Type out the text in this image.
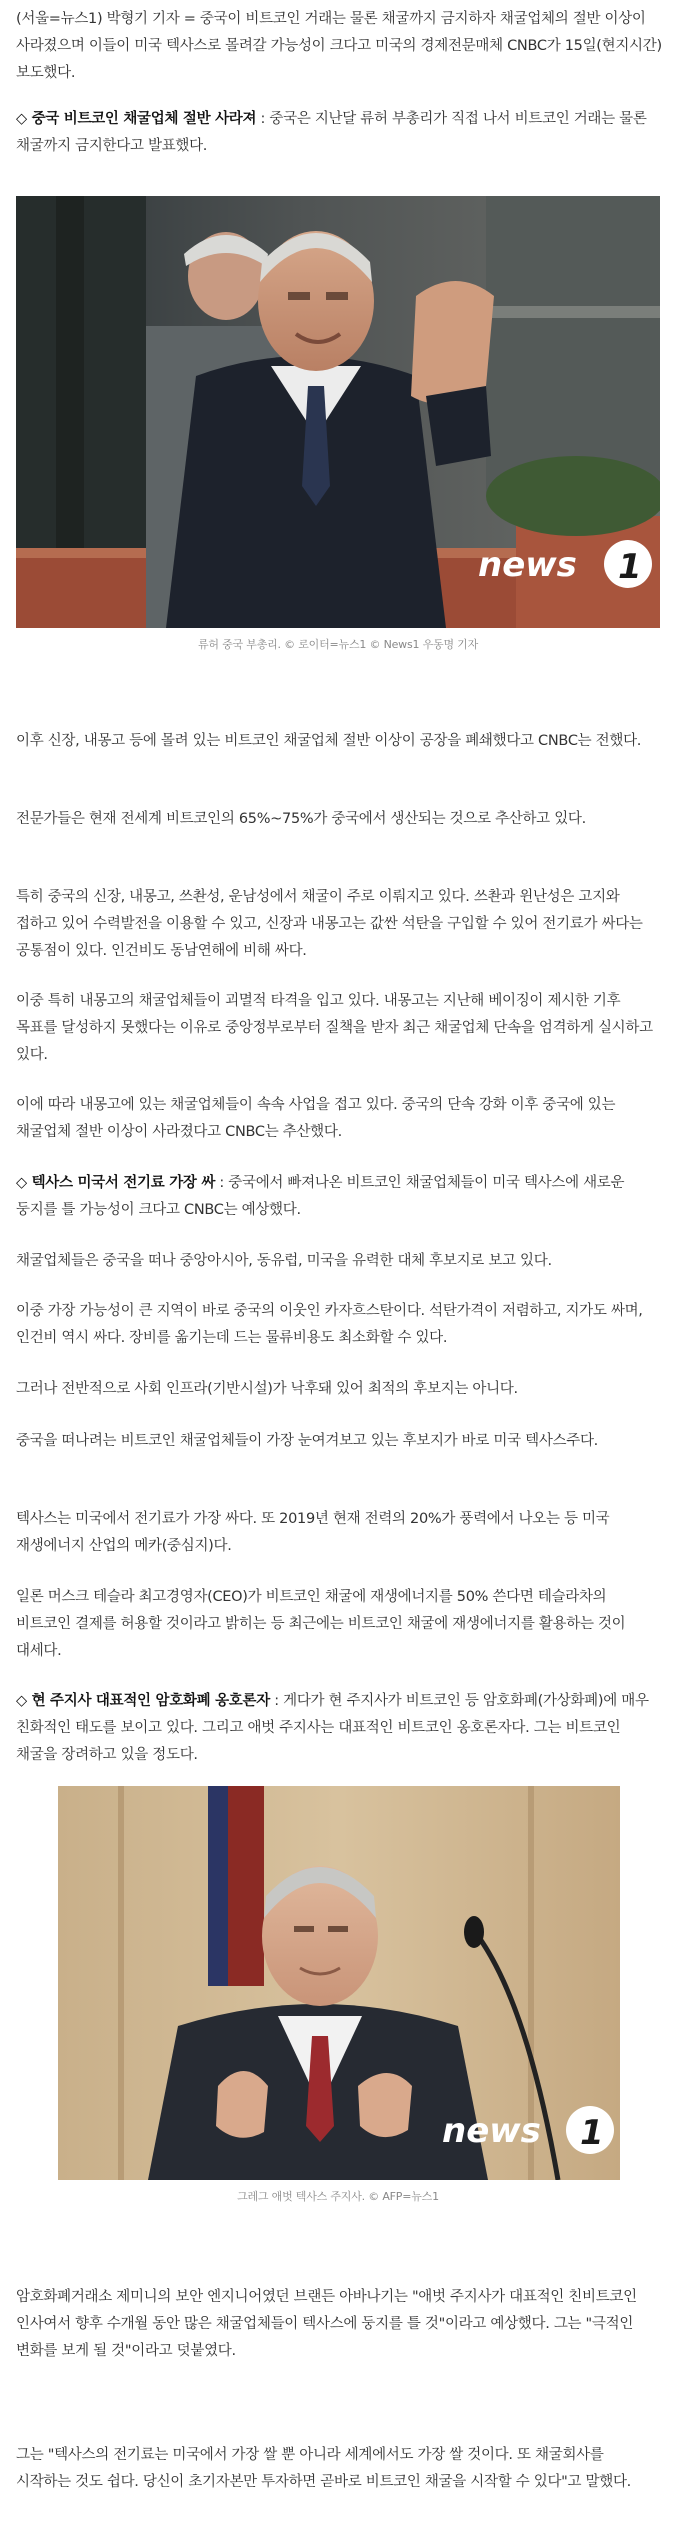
(서울=뉴스1) 박형기 기자 = 중국이 비트코인 거래는 물론 채굴까지 금지하자 채굴업체의 절반 이상이 사라졌으며 이들이 미국 텍사스로 몰려갈 가능성이 크다고 미국의 경제전문매체 CNBC가 15일(현지시간) 보도했다.

◇ 중국 비트코인 채굴업체 절반 사라져 : 중국은 지난달 류허 부총리가 직접 나서 비트코인 거래는 물론 채굴까지 금지한다고 발표했다.

news 1
류허 중국 부총리. © 로이터=뉴스1 © News1 우동명 기자

이후 신장, 내몽고 등에 몰려 있는 비트코인 채굴업체 절반 이상이 공장을 폐쇄했다고 CNBC는 전했다.

전문가들은 현재 전세계 비트코인의 65%~75%가 중국에서 생산되는 것으로 추산하고 있다.

특히 중국의 신장, 내몽고, 쓰촨성, 운남성에서 채굴이 주로 이뤄지고 있다. 쓰촨과 윈난성은 고지와 접하고 있어 수력발전을 이용할 수 있고, 신장과 내몽고는 값싼 석탄을 구입할 수 있어 전기료가 싸다는 공통점이 있다. 인건비도 동남연해에 비해 싸다.

이중 특히 내몽고의 채굴업체들이 괴멸적 타격을 입고 있다. 내몽고는 지난해 베이징이 제시한 기후 목표를 달성하지 못했다는 이유로 중앙정부로부터 질책을 받자 최근 채굴업체 단속을 엄격하게 실시하고 있다.

이에 따라 내몽고에 있는 채굴업체들이 속속 사업을 접고 있다. 중국의 단속 강화 이후 중국에 있는 채굴업체 절반 이상이 사라졌다고 CNBC는 추산했다.

◇ 텍사스 미국서 전기료 가장 싸 : 중국에서 빠져나온 비트코인 채굴업체들이 미국 텍사스에 새로운 둥지를 틀 가능성이 크다고 CNBC는 예상했다.

채굴업체들은 중국을 떠나 중앙아시아, 동유럽, 미국을 유력한 대체 후보지로 보고 있다.

이중 가장 가능성이 큰 지역이 바로 중국의 이웃인 카자흐스탄이다. 석탄가격이 저렴하고, 지가도 싸며, 인건비 역시 싸다. 장비를 옮기는데 드는 물류비용도 최소화할 수 있다.

그러나 전반적으로 사회 인프라(기반시설)가 낙후돼 있어 최적의 후보지는 아니다.

중국을 떠나려는 비트코인 채굴업체들이 가장 눈여겨보고 있는 후보지가 바로 미국 텍사스주다.

텍사스는 미국에서 전기료가 가장 싸다. 또 2019년 현재 전력의 20%가 풍력에서 나오는 등 미국 재생에너지 산업의 메카(중심지)다.

일론 머스크 테슬라 최고경영자(CEO)가 비트코인 채굴에 재생에너지를 50% 쓴다면 테슬라차의 비트코인 결제를 허용할 것이라고 밝히는 등 최근에는 비트코인 채굴에 재생에너지를 활용하는 것이 대세다.

◇ 현 주지사 대표적인 암호화폐 옹호론자 : 게다가 현 주지사가 비트코인 등 암호화폐(가상화폐)에 매우 친화적인 태도를 보이고 있다. 그리고 애벗 주지사는 대표적인 비트코인 옹호론자다. 그는 비트코인 채굴을 장려하고 있을 정도다.

news 1
그레그 애벗 텍사스 주지사. © AFP=뉴스1

암호화폐거래소 제미니의 보안 엔지니어였던 브랜든 아바나기는 "애벗 주지사가 대표적인 친비트코인 인사여서 향후 수개월 동안 많은 채굴업체들이 텍사스에 둥지를 틀 것"이라고 예상했다. 그는 "극적인 변화를 보게 될 것"이라고 덧붙였다.

그는 "텍사스의 전기료는 미국에서 가장 쌀 뿐 아니라 세계에서도 가장 쌀 것이다. 또 채굴회사를 시작하는 것도 쉽다. 당신이 초기자본만 투자하면 곧바로 비트코인 채굴을 시작할 수 있다"고 말했다.
